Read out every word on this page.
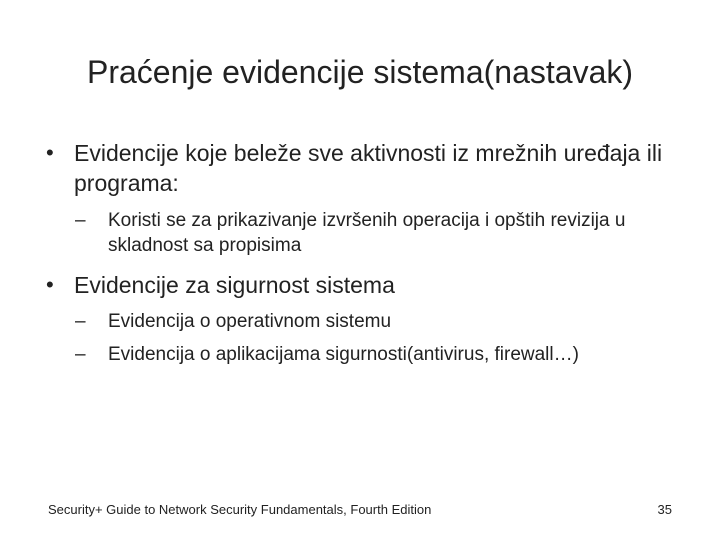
Praćenje evidencije sistema(nastavak)
• Evidencije koje beleže sve aktivnosti iz mrežnih uređaja ili programa:
–	Koristi se za prikazivanje izvršenih operacija i opštih revizija u skladnost sa propisima
• Evidencije za sigurnost sistema
–	Evidencija o operativnom sistemu
–	Evidencija o aplikacijama sigurnosti(antivirus, firewall…)
Security+ Guide to Network Security Fundamentals, Fourth Edition	35
